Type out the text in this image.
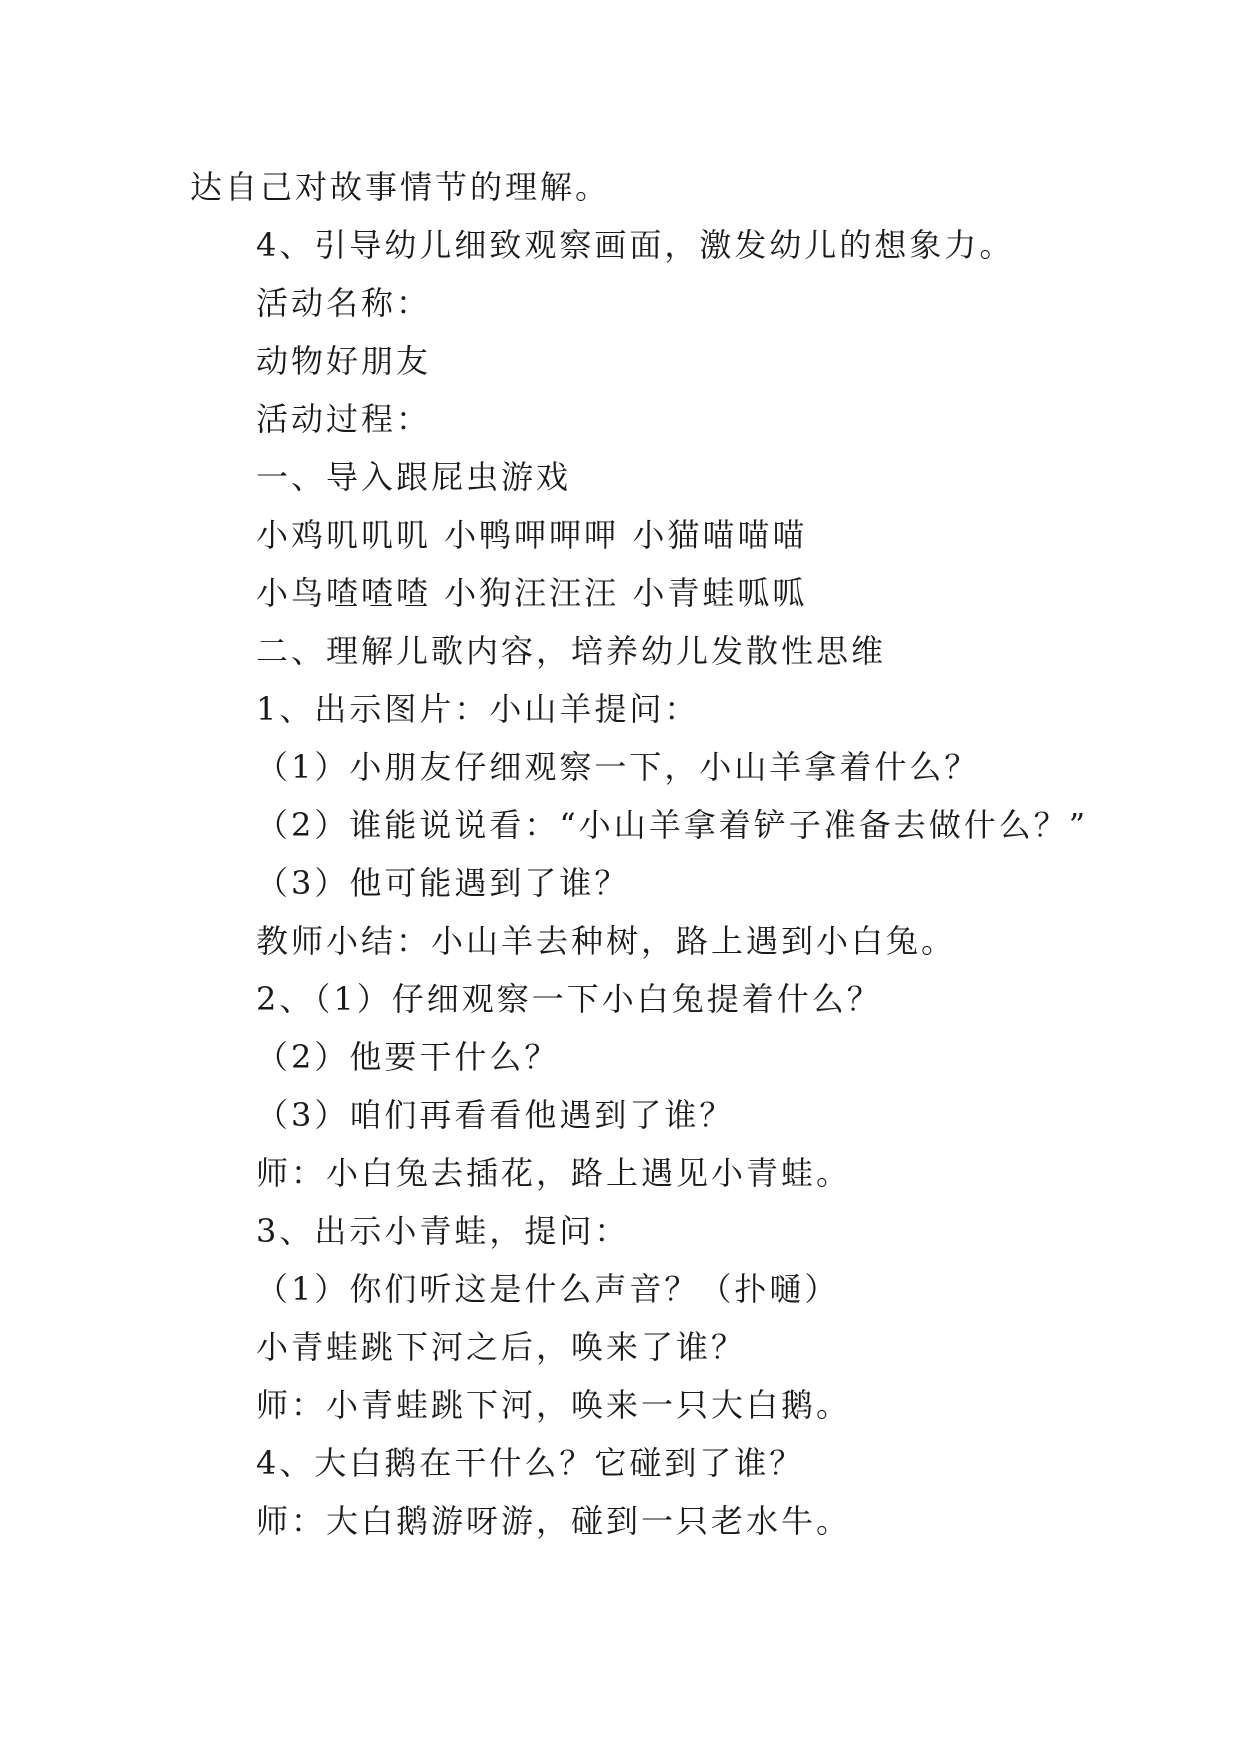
达自己对故事情节的理解。
4、引导幼儿细致观察画面，激发幼儿的想象力。
活动名称：
动物好朋友
活动过程：
一、导入跟屁虫游戏
小鸡叽叽叽 小鸭呷呷呷 小猫喵喵喵
小鸟喳喳喳 小狗汪汪汪 小青蛙呱呱
二、理解儿歌内容，培养幼儿发散性思维
1、出示图片：小山羊提问：
（1）小朋友仔细观察一下，小山羊拿着什么？
（2）谁能说说看：“小山羊拿着铲子准备去做什么？”
（3）他可能遇到了谁？
教师小结：小山羊去种树，路上遇到小白兔。
2、（1）仔细观察一下小白兔提着什么？
（2）他要干什么？
（3）咱们再看看他遇到了谁？
师：小白兔去插花，路上遇见小青蛙。
3、出示小青蛙，提问：
（1）你们听这是什么声音？（扑嗵）
小青蛙跳下河之后，唤来了谁？
师：小青蛙跳下河，唤来一只大白鹅。
4、大白鹅在干什么？它碰到了谁？
师：大白鹅游呀游，碰到一只老水牛。
